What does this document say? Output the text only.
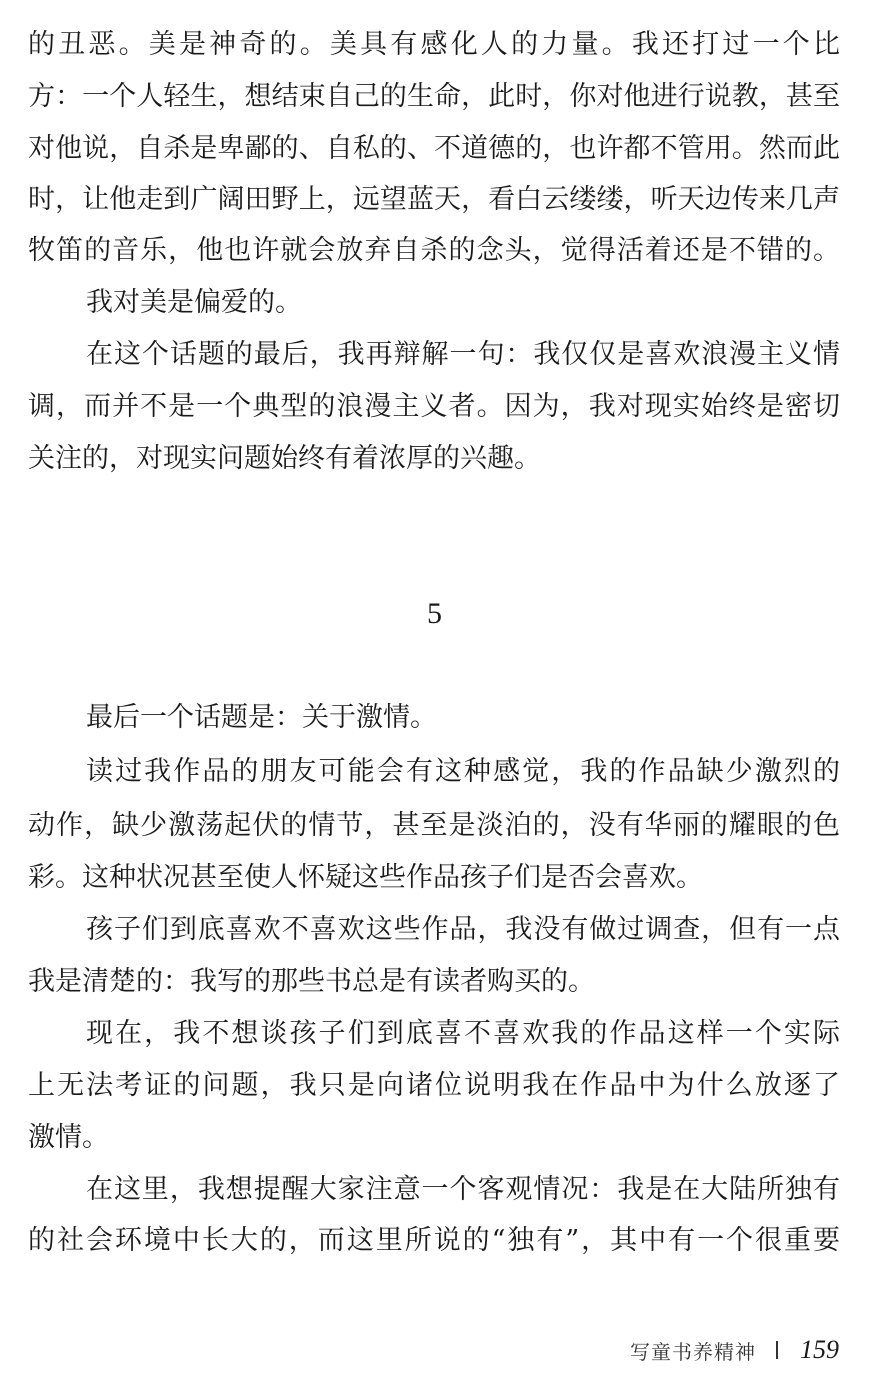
的丑恶。美是神奇的。美具有感化人的力量。我还打过一个比
方：一个人轻生，想结束自己的生命，此时，你对他进行说教，甚至
对他说，自杀是卑鄙的、自私的、不道德的，也许都不管用。然而此
时，让他走到广阔田野上，远望蓝天，看白云缕缕，听天边传来几声
牧笛的音乐，他也许就会放弃自杀的念头，觉得活着还是不错的。
我对美是偏爱的。
在这个话题的最后，我再辩解一句：我仅仅是喜欢浪漫主义情
调，而并不是一个典型的浪漫主义者。因为，我对现实始终是密切
关注的，对现实问题始终有着浓厚的兴趣。
5
最后一个话题是：关于激情。
读过我作品的朋友可能会有这种感觉，我的作品缺少激烈的
动作，缺少激荡起伏的情节，甚至是淡泊的，没有华丽的耀眼的色
彩。这种状况甚至使人怀疑这些作品孩子们是否会喜欢。
孩子们到底喜欢不喜欢这些作品，我没有做过调查，但有一点
我是清楚的：我写的那些书总是有读者购买的。
现在，我不想谈孩子们到底喜不喜欢我的作品这样一个实际
上无法考证的问题，我只是向诸位说明我在作品中为什么放逐了
激情。
在这里，我想提醒大家注意一个客观情况：我是在大陆所独有
的社会环境中长大的，而这里所说的“独有”，其中有一个很重要
写童书养精神 159
